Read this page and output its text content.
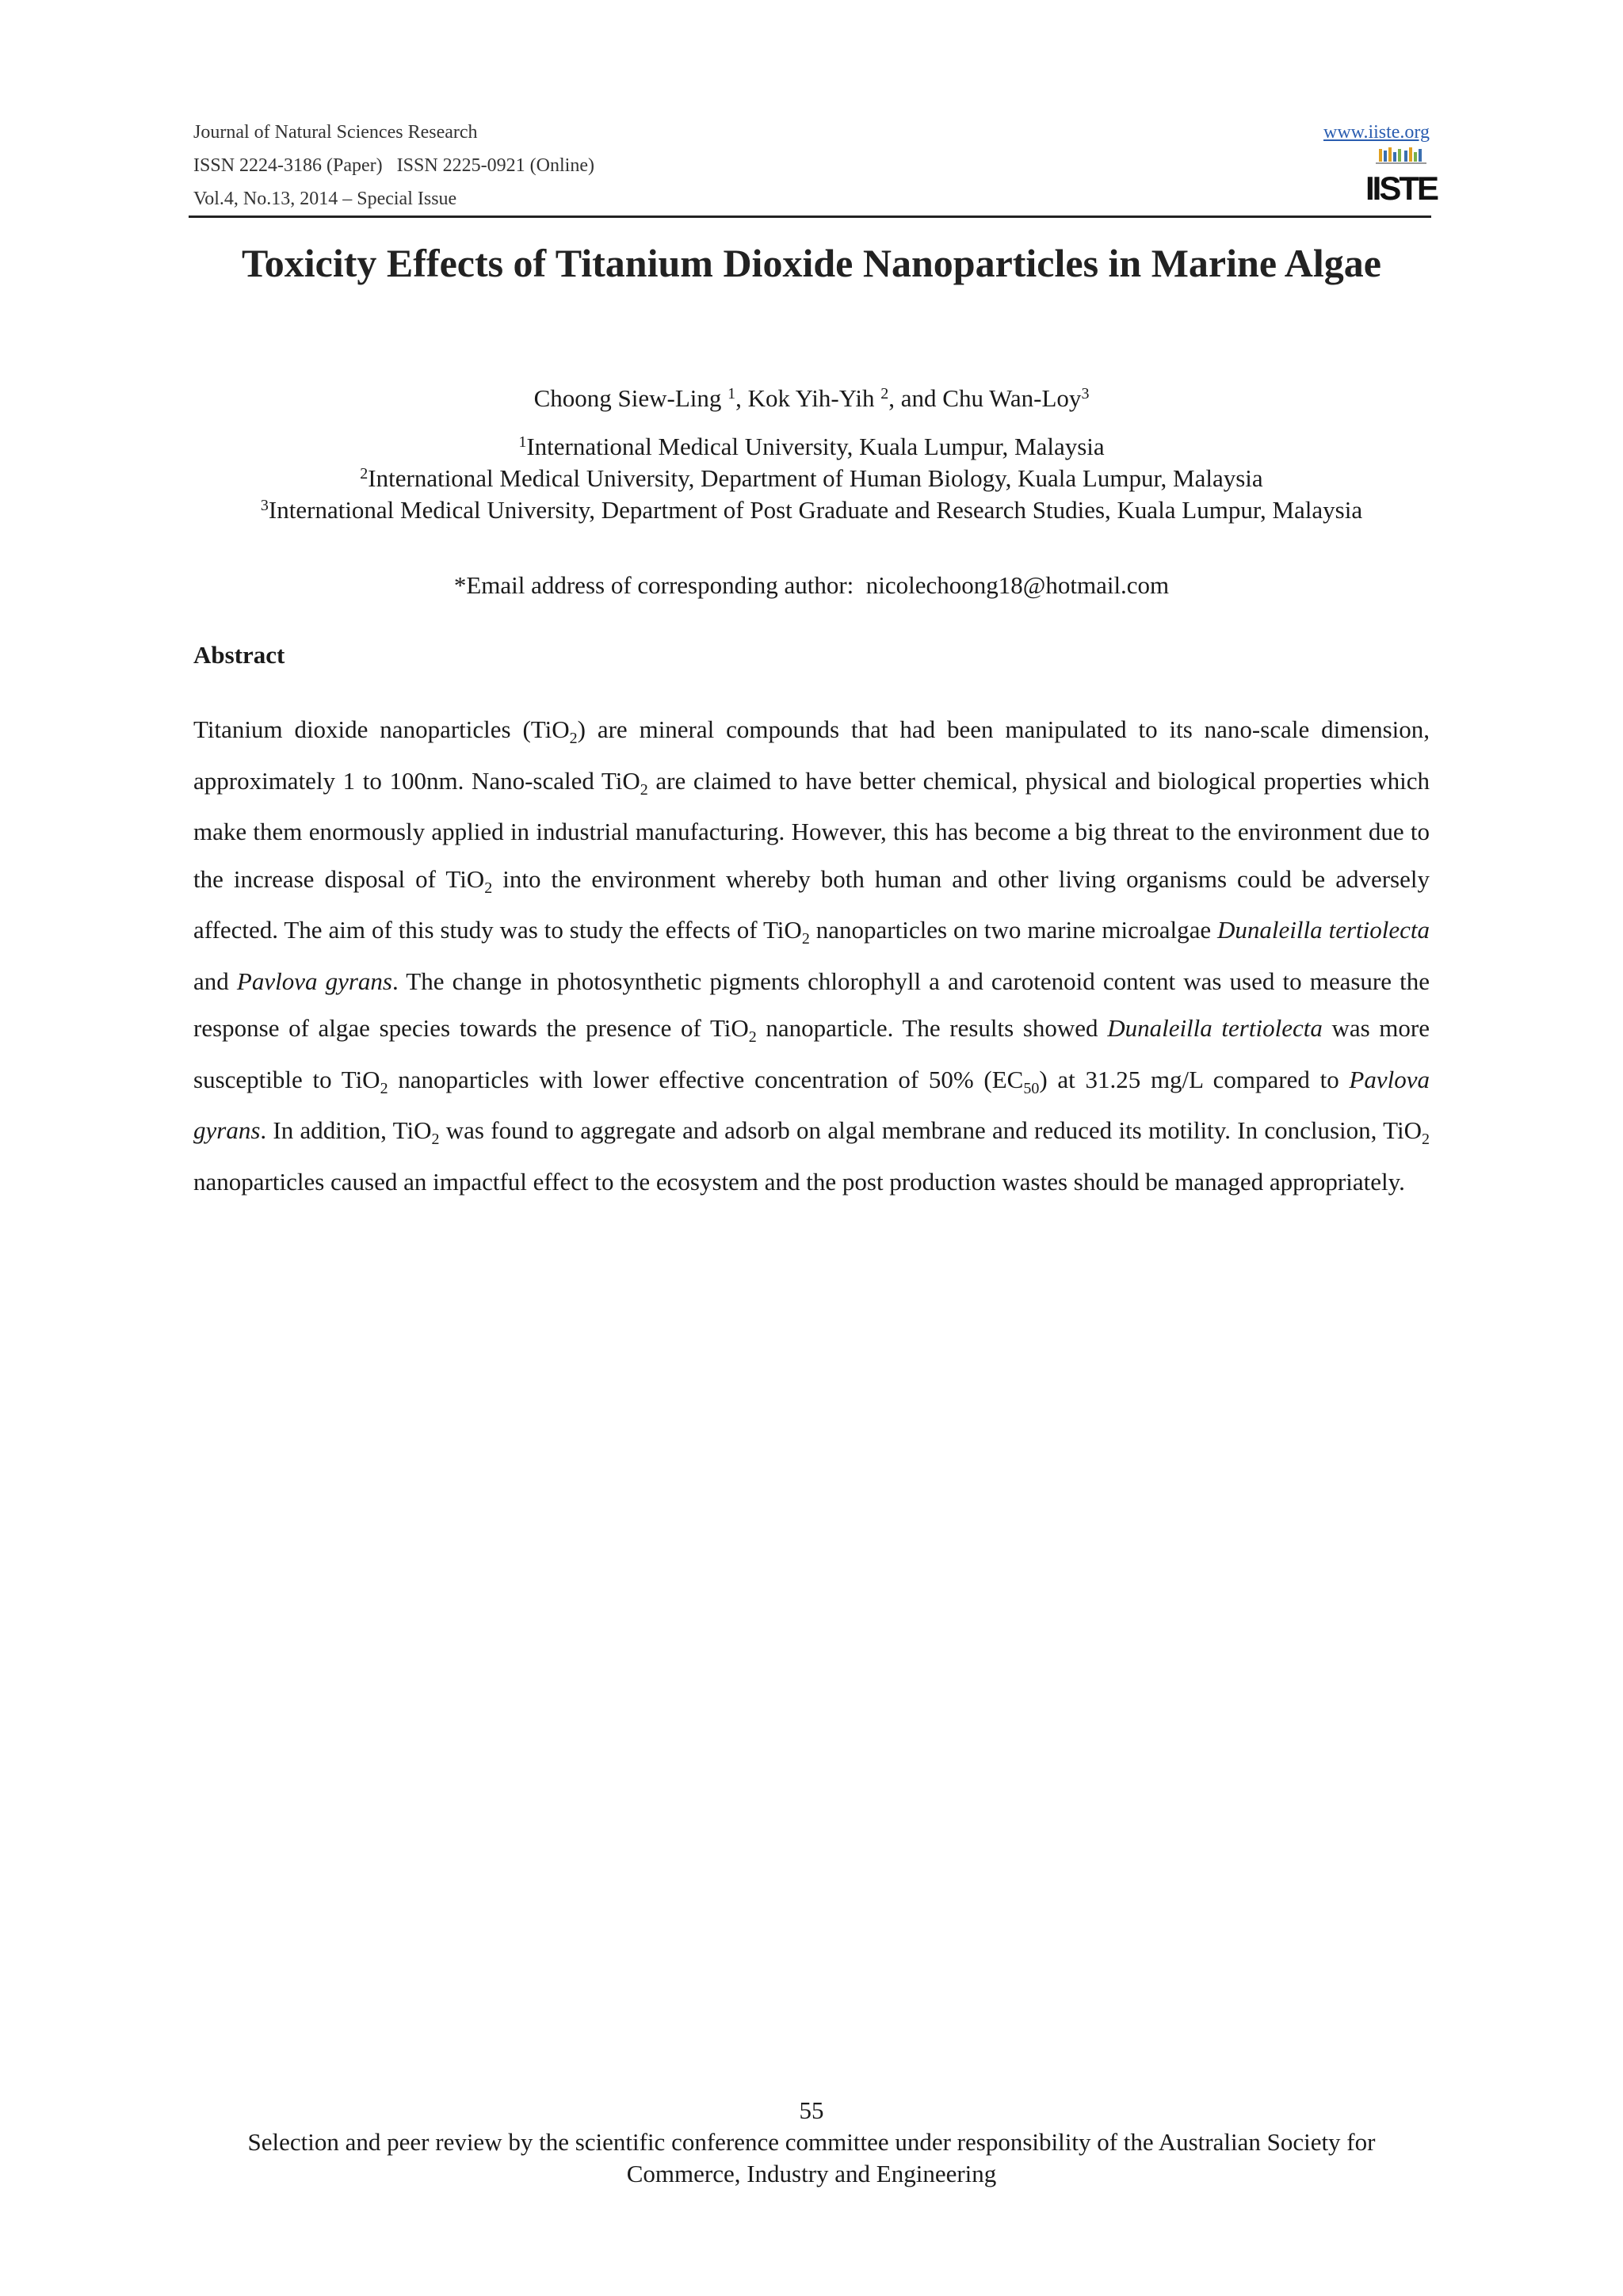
Journal of Natural Sciences Research
ISSN 2224-3186 (Paper)   ISSN 2225-0921 (Online)
Vol.4, No.13, 2014 – Special Issue
www.iiste.org
IISTE
Toxicity Effects of Titanium Dioxide Nanoparticles in Marine Algae
Choong Siew-Ling $^1$, Kok Yih-Yih $^2$, and Chu Wan-Loy$^3$
$^1$International Medical University, Kuala Lumpur, Malaysia
$^2$International Medical University, Department of Human Biology, Kuala Lumpur, Malaysia
$^3$International Medical University, Department of Post Graduate and Research Studies, Kuala Lumpur, Malaysia
*Email address of corresponding author:  nicolechoong18@hotmail.com
Abstract
Titanium dioxide nanoparticles (TiO$_2$) are mineral compounds that had been manipulated to its nano-scale dimension, approximately 1 to 100nm. Nano-scaled TiO$_2$ are claimed to have better chemical, physical and biological properties which make them enormously applied in industrial manufacturing. However, this has become a big threat to the environment due to the increase disposal of TiO$_2$ into the environment whereby both human and other living organisms could be adversely affected. The aim of this study was to study the effects of TiO$_2$ nanoparticles on two marine microalgae Dunaleilla tertiolecta and Pavlova gyrans. The change in photosynthetic pigments chlorophyll a and carotenoid content was used to measure the response of algae species towards the presence of TiO$_2$ nanoparticle. The results showed Dunaleilla tertiolecta was more susceptible to TiO$_2$ nanoparticles with lower effective concentration of 50% $(EC_{50})$ at 31.25 mg/L compared to Pavlova gyrans. In addition, TiO$_2$ was found to aggregate and adsorb on algal membrane and reduced its motility. In conclusion, TiO$_2$ nanoparticles caused an impactful effect to the ecosystem and the post production wastes should be managed appropriately.
55
Selection and peer review by the scientific conference committee under responsibility of the Australian Society for Commerce, Industry and Engineering
